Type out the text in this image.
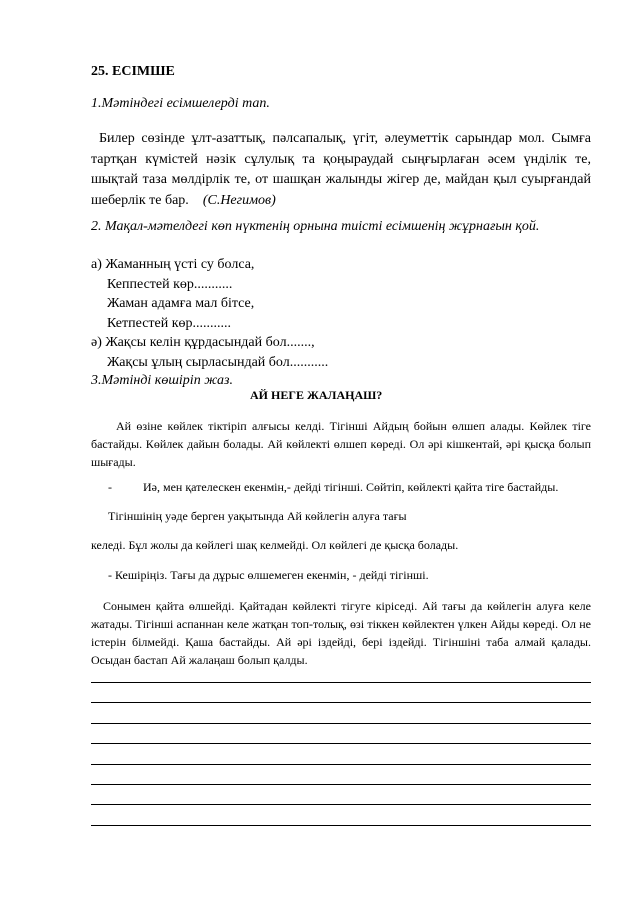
25. ЕСІМШЕ
1.Мәтіндегі есімшелерді тап.
Билер сөзінде ұлт-азаттық, пәлсапалық, үгіт, әлеуметтік сарындар мол. Сымға тартқан күмістей нәзік сұлулық та қоңыраудай сыңғырлаған әсем үнділік те, шықтай таза мөлдірлік те, от шашқан жалынды жігер де, майдан қыл суырғандай шеберлік те бар. (С.Негимов)
2. Мақал-мәтелдегі көп нүктенің орнына тиісті есімшенің жұрнағын қой.
а) Жаманның үсті су болса,
Кеппестей көр...........
Жаман адамға мал бітсе,
Кетпестей көр...........
ә) Жақсы келін құрдасындай бол.......,
Жақсы ұлың сырласындай бол...........
3.Мәтінді көшіріп жаз.
АЙ НЕГЕ ЖАЛАҢАШ?
Ай өзіне көйлек тіктіріп алғысы келді. Тігінші Айдың бойын өлшеп алады. Көйлек тіге бастайды. Көйлек дайын болады. Ай көйлекті өлшеп көреді. Ол әрі кішкентай, әрі қысқа болып шығады.
-	Иә, мен қателескен екенмін,- дейді тігінші. Сөйтіп, көйлекті қайта тіге бастайды.
Тігіншінің уәде берген уақытында Ай көйлегін алуға тағы
келеді. Бұл жолы да көйлегі шақ келмейді. Ол көйлегі де қысқа болады.
- Кешіріңіз. Тағы да дұрыс өлшемеген екенмін, - дейді тігінші.
Сонымен қайта өлшейді. Қайтадан көйлекті тігуге кіріседі. Ай тағы да көйлегін алуға келе жатады. Тігінші аспаннан келе жатқан топ-толық, өзі тіккен көйлектен үлкен Айды көреді. Ол не істерін білмейді. Қаша бастайды. Ай әрі іздейді, бері іздейді. Тігіншіні таба алмай қалады. Осыдан бастап Ай жалаңаш болып қалды.
